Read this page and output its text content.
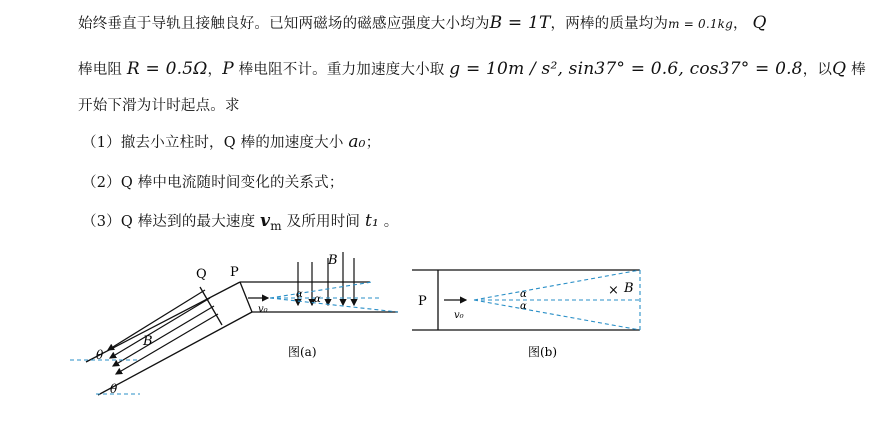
始终垂直于导轨且接触良好。已知两磁场的磁感应强度大小均为B = 1T，两棒的质量均为m = 0.1kg， Q
棒电阻 R = 0.5Ω，P 棒电阻不计。重力加速度大小取 g = 10m / s², sin37° = 0.6, cos37° = 0.8，以Q 棒
开始下滑为计时起点。求
（1）撤去小立柱时，Q 棒的加速度大小 a₀；
（2）Q 棒中电流随时间变化的关系式；
（3）Q 棒达到的最大速度 $v_m$ 及所用时间 t₁ 。
Q P
B
B
v₀
α α
θ
θ
图(a)
P
v₀
α
α
× B
图(b)
